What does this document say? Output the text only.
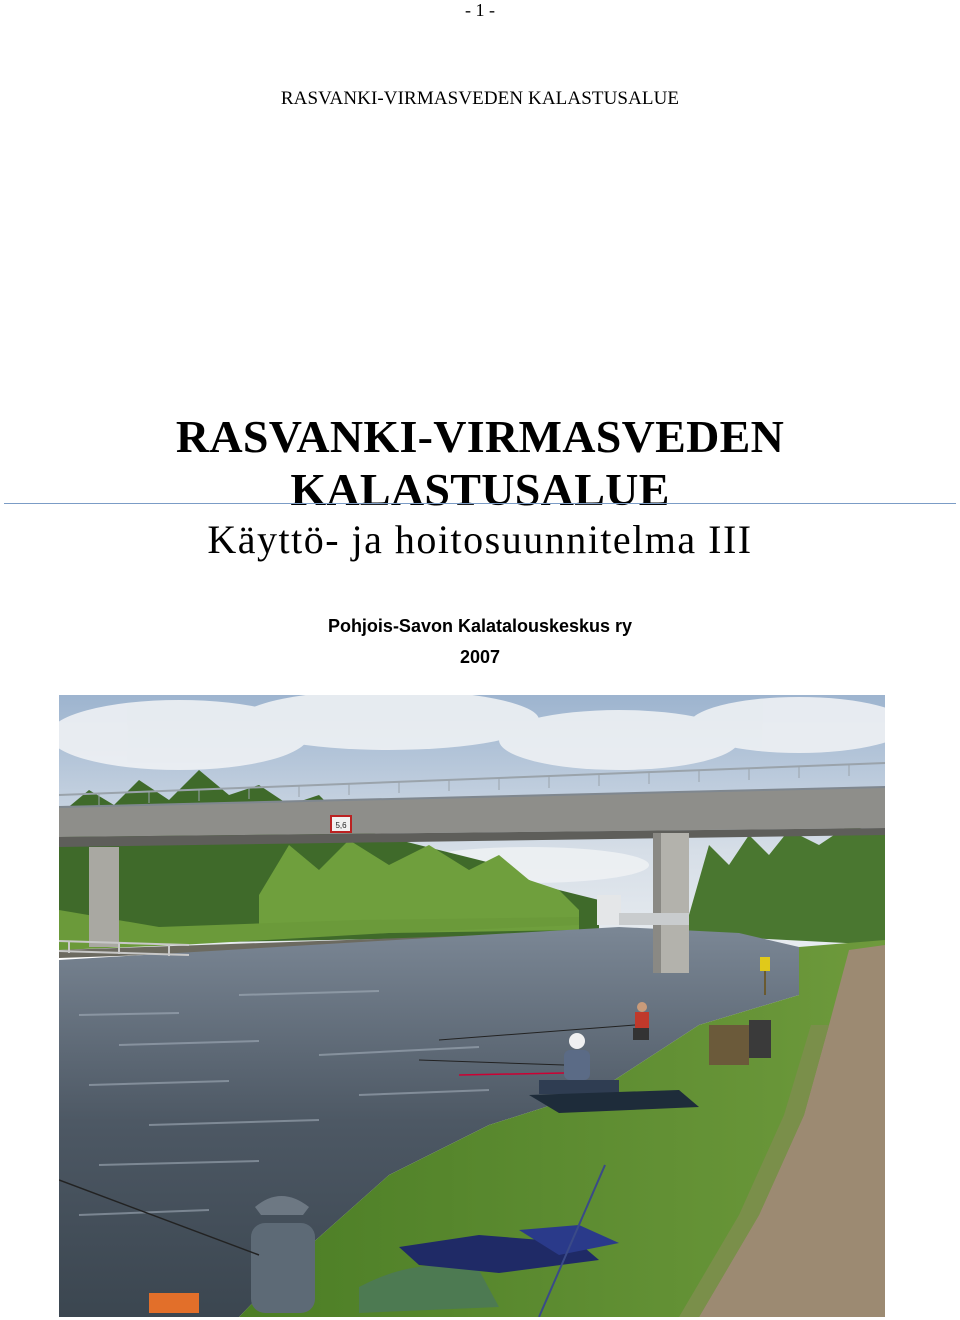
- 1 -
RASVANKI-VIRMASVEDEN KALASTUSALUE
RASVANKI-VIRMASVEDEN KALASTUSALUE
Käyttö- ja hoitosuunnitelma III
Pohjois-Savon Kalatalouskeskus ry
2007
5,6
